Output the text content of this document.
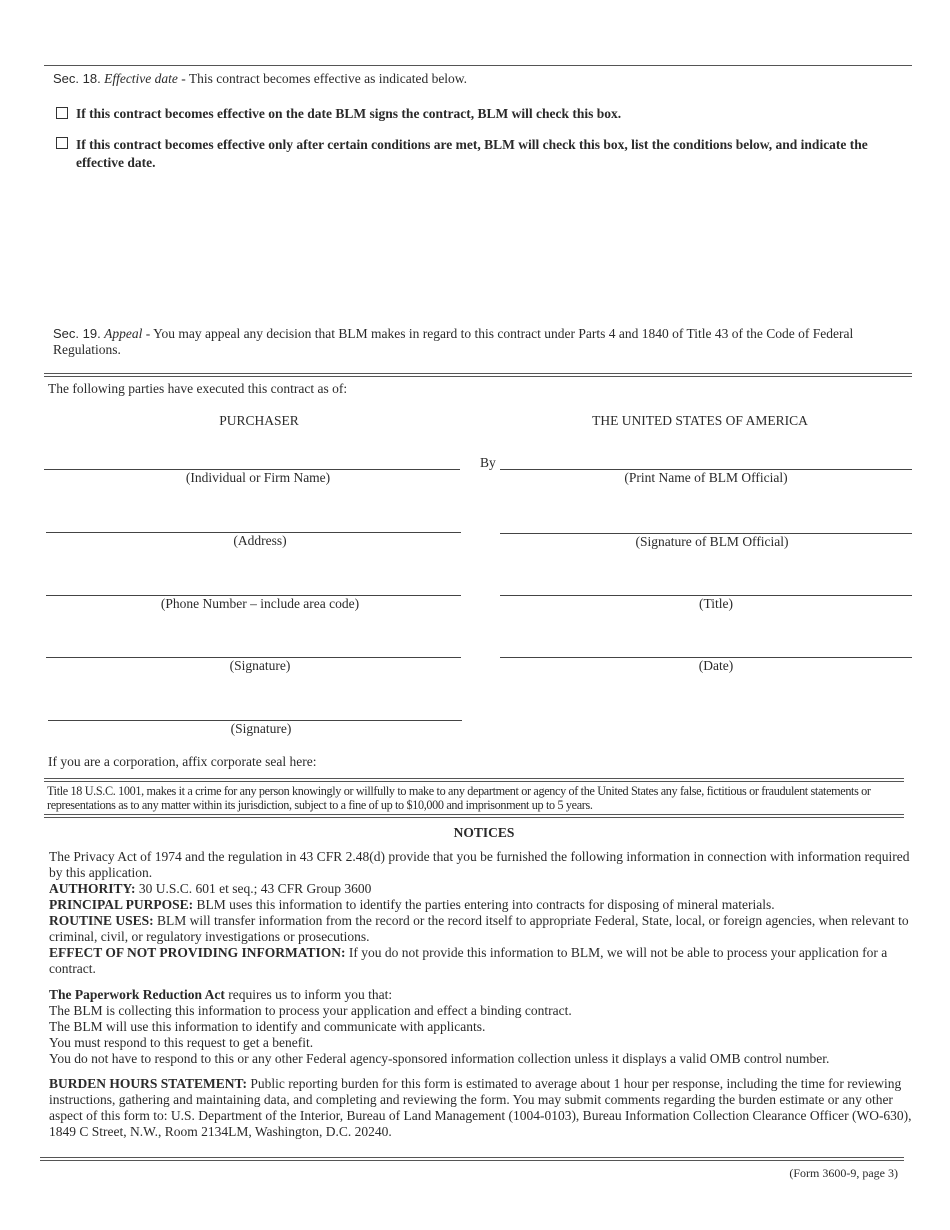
Sec. 18. Effective date - This contract becomes effective as indicated below.
If this contract becomes effective on the date BLM signs the contract, BLM will check this box.
If this contract becomes effective only after certain conditions are met, BLM will check this box, list the conditions below, and indicate the effective date.
Sec. 19. Appeal - You may appeal any decision that BLM makes in regard to this contract under Parts 4 and 1840 of Title 43 of the Code of Federal Regulations.
The following parties have executed this contract as of:
PURCHASER	THE UNITED STATES OF AMERICA
(Individual or Firm Name)
(Address)
(Phone Number – include area code)
(Signature)
(Signature)
By
(Print Name of BLM Official)
(Signature of BLM Official)
(Title)
(Date)
If you are a corporation, affix corporate seal here:
Title 18 U.S.C. 1001, makes it a crime for any person knowingly or willfully to make to any department or agency of the United States any false, fictitious or fraudulent statements or representations as to any matter within its jurisdiction, subject to a fine of up to $10,000 and imprisonment up to 5 years.
NOTICES

The Privacy Act of 1974 and the regulation in 43 CFR 2.48(d) provide that you be furnished the following information in connection with information required by this application.

AUTHORITY: 30 U.S.C. 601 et seq.; 43 CFR Group 3600

PRINCIPAL PURPOSE: BLM uses this information to identify the parties entering into contracts for disposing of mineral materials.

ROUTINE USES: BLM will transfer information from the record or the record itself to appropriate Federal, State, local, or foreign agencies, when relevant to criminal, civil, or regulatory investigations or prosecutions.

EFFECT OF NOT PROVIDING INFORMATION: If you do not provide this information to BLM, we will not be able to process your application for a contract.

The Paperwork Reduction Act requires us to inform you that:

The BLM is collecting this information to process your application and effect a binding contract.

The BLM will use this information to identify and communicate with applicants.

You must respond to this request to get a benefit.

You do not have to respond to this or any other Federal agency-sponsored information collection unless it displays a valid OMB control number.

BURDEN HOURS STATEMENT: Public reporting burden for this form is estimated to average about 1 hour per response, including the time for reviewing instructions, gathering and maintaining data, and completing and reviewing the form. You may submit comments regarding the burden estimate or any other aspect of this form to: U.S. Department of the Interior, Bureau of Land Management (1004-0103), Bureau Information Collection Clearance Officer (WO-630), 1849 C Street, N.W., Room 2134LM, Washington, D.C. 20240.

(Form 3600-9, page 3)
